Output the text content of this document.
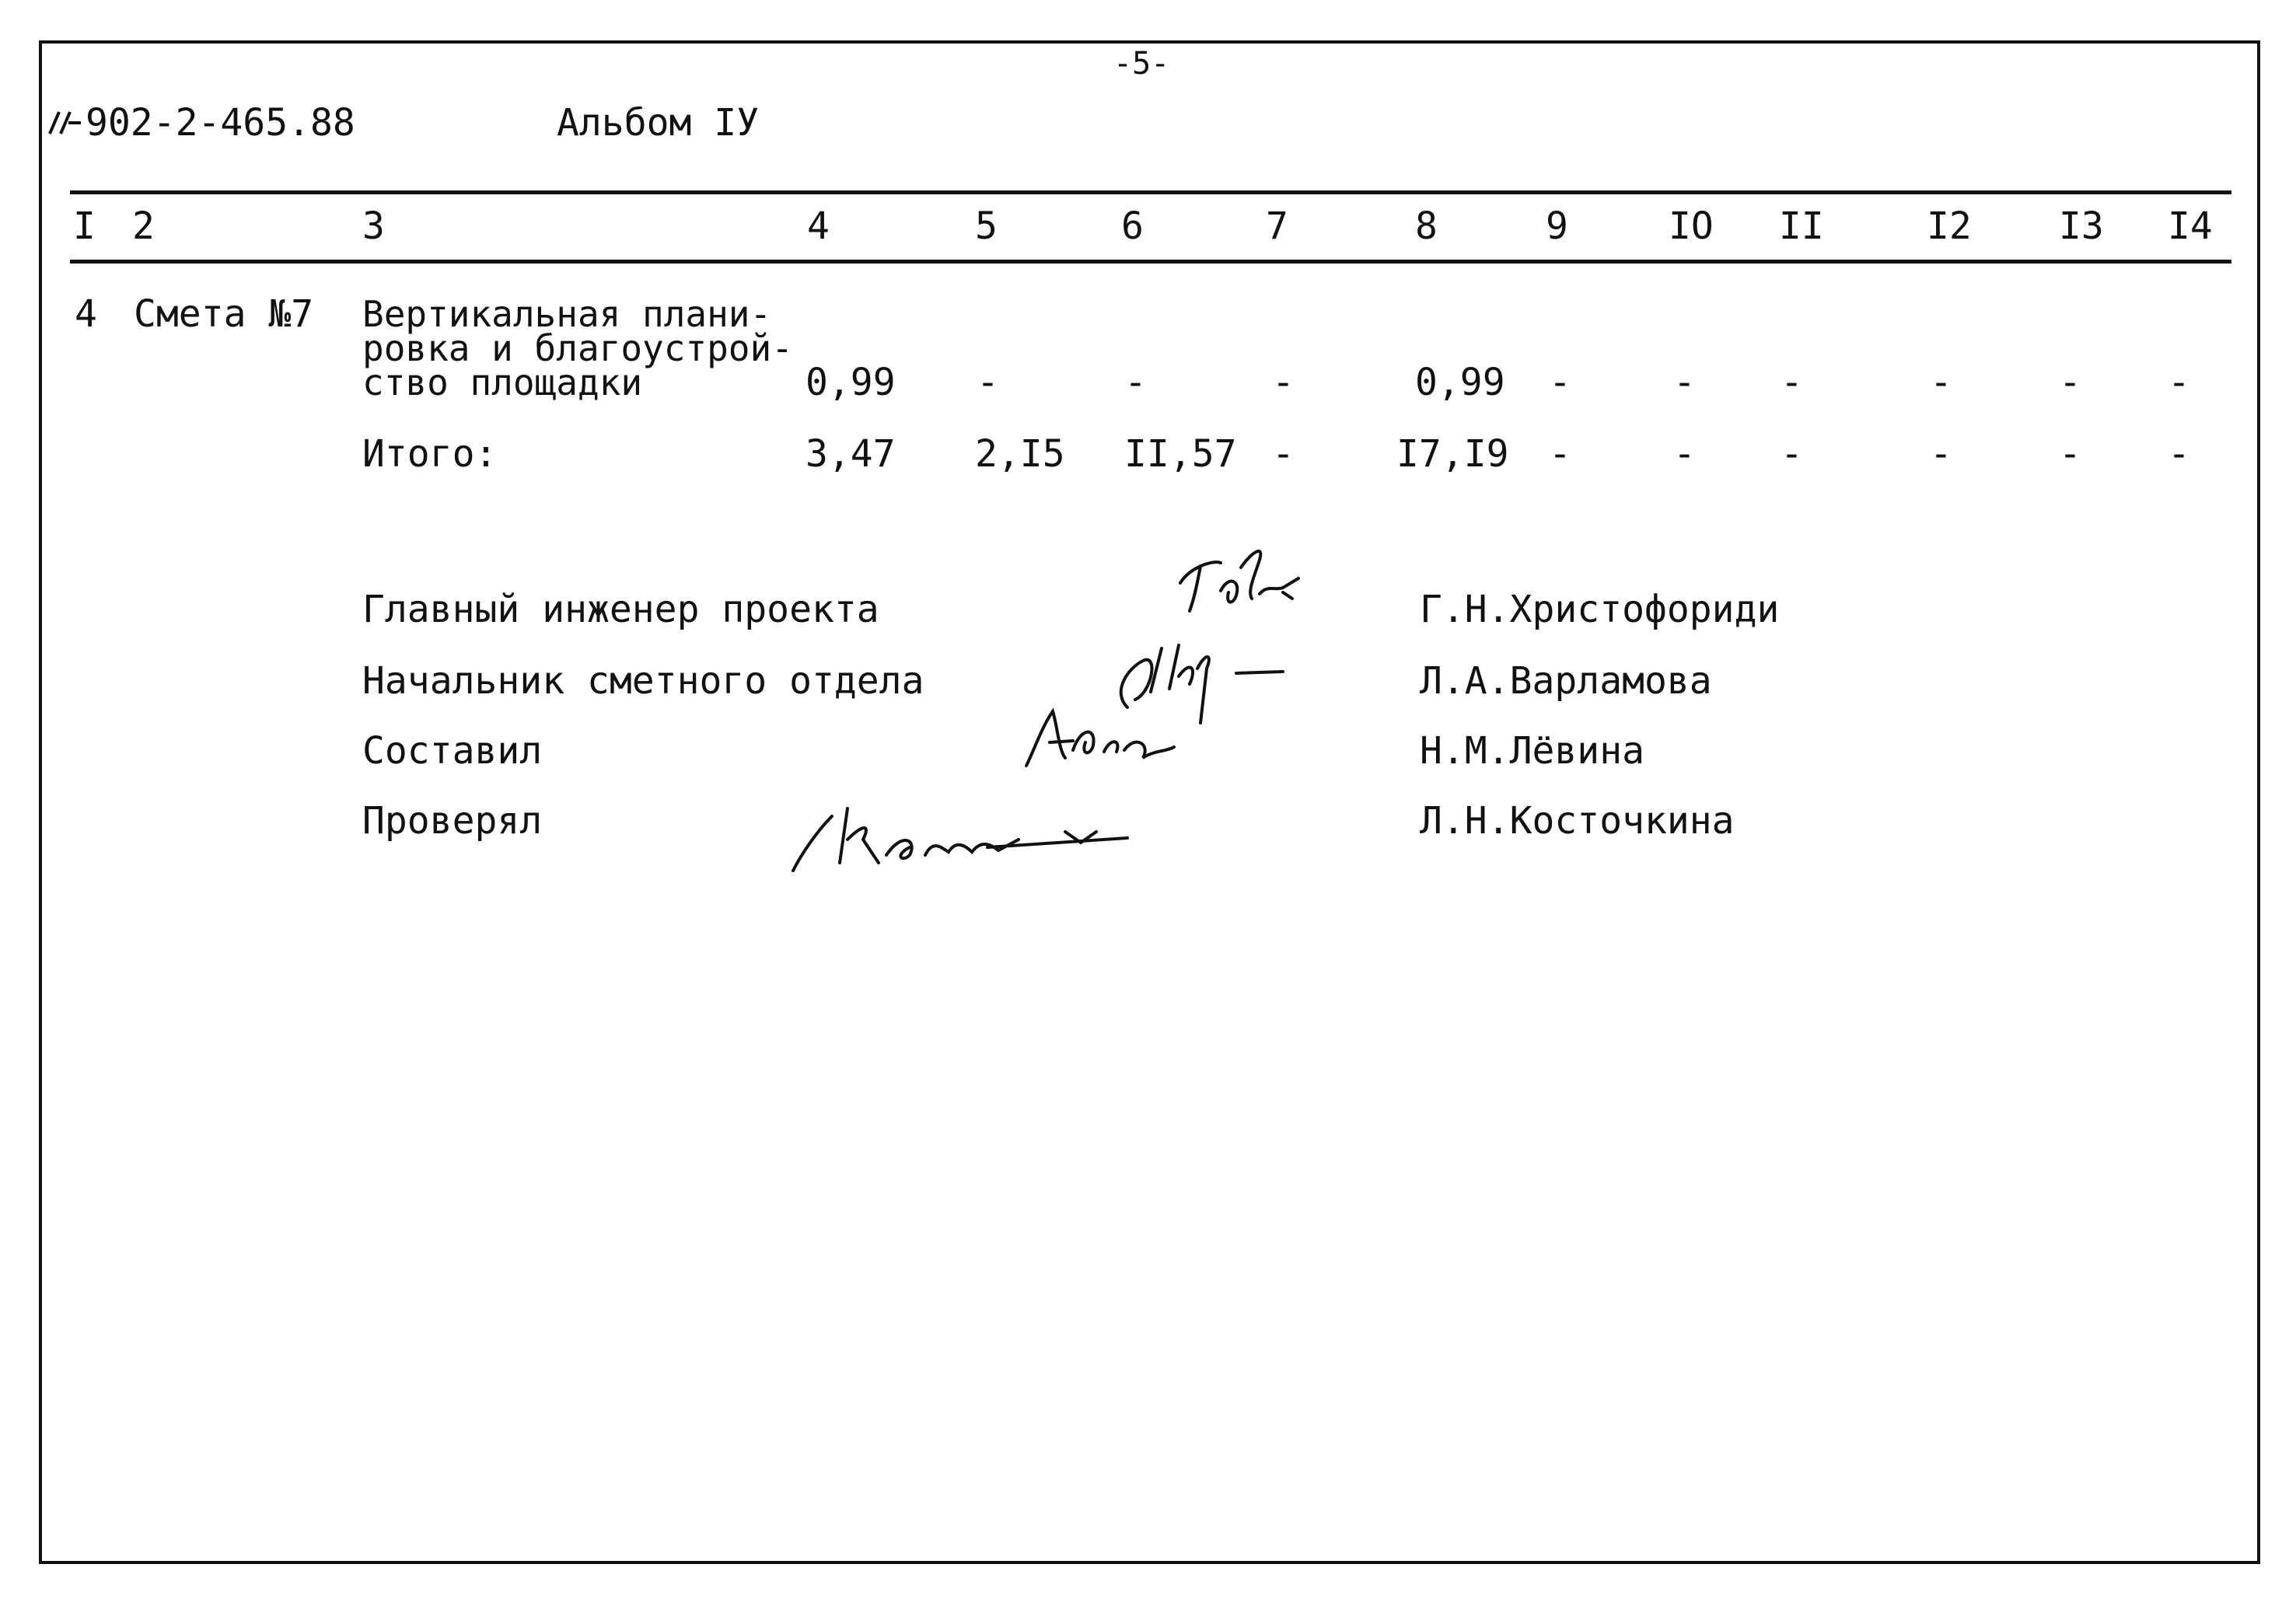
-5-
902-2-465.88	Альбом IУ
I 2	3	4	5	6	7	8	9	IO II	I2 I3 I4
4 Смета №7 Вертикальная плани-
ровка и благоустрой-
ство площадки	0,99 -	-	-	0,99 -	- -	-	- -
Итого:	3,47 2,I5 II,57 -	I7,I9 -	- -	-	- -
Главный инженер проекта	Г.Н.Христофориди
Начальник сметного отдела	Л.А.Варламова
Составил	Н.М.Лёвина
Проверял	Л.Н.Косточкина
